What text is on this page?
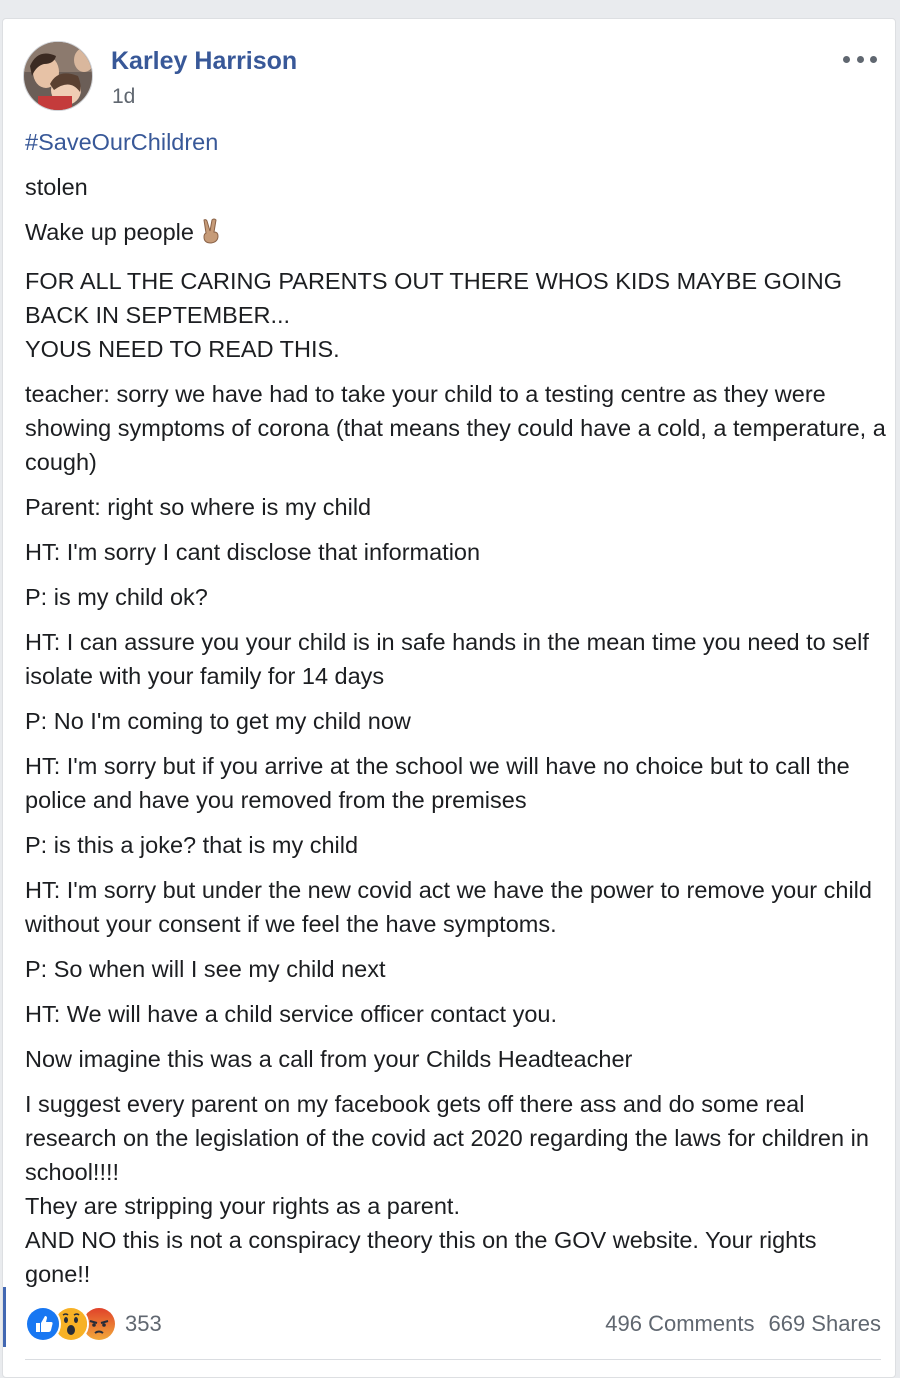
Karley Harrison
1d

#SaveOurChildren

stolen

Wake up people

FOR ALL THE CARING PARENTS OUT THERE WHOS KIDS MAYBE GOING BACK IN SEPTEMBER...
YOUS NEED TO READ THIS.

teacher: sorry we have had to take your child to a testing centre as they were showing symptoms of corona (that means they could have a cold, a temperature, a cough)

Parent: right so where is my child

HT: I'm sorry I cant disclose that information

P: is my child ok?

HT: I can assure you your child is in safe hands in the mean time you need to self isolate with your family for 14 days

P: No I'm coming to get my child now

HT: I'm sorry but if you arrive at the school we will have no choice but to call the police and have you removed from the premises

P: is this a joke? that is my child

HT: I'm sorry but under the new covid act we have the power to remove your child without your consent if we feel the have symptoms.

P: So when will I see my child next

HT: We will have a child service officer contact you.

Now imagine this was a call from your Childs Headteacher

I suggest every parent on my facebook gets off there ass and do some real research on the legislation of the covid act 2020 regarding the laws for children in school!!!!
They are stripping your rights as a parent.
AND NO this is not a conspiracy theory this on the GOV website. Your rights gone!!

353	496 Comments 669 Shares
